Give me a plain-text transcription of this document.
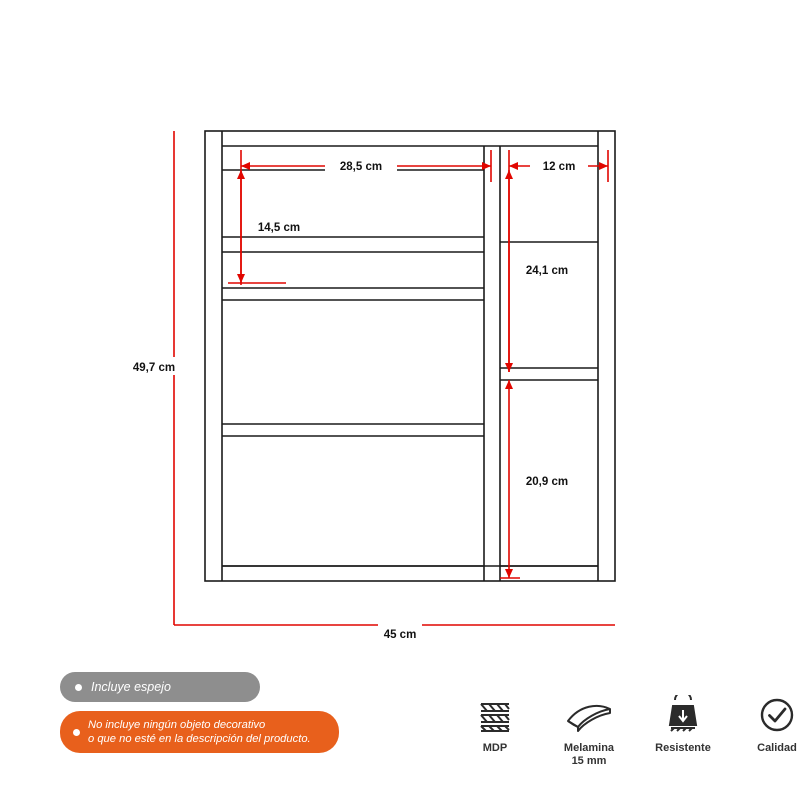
28,5 cm	12 cm
14,5 cm
24,1 cm
20,9 cm
49,7 cm
45 cm
Incluye espejo
No incluye ningún objeto decorativo
o que no esté en la descripción del producto.
MDP	Melamina
15 mm
Resistente	Calidad
